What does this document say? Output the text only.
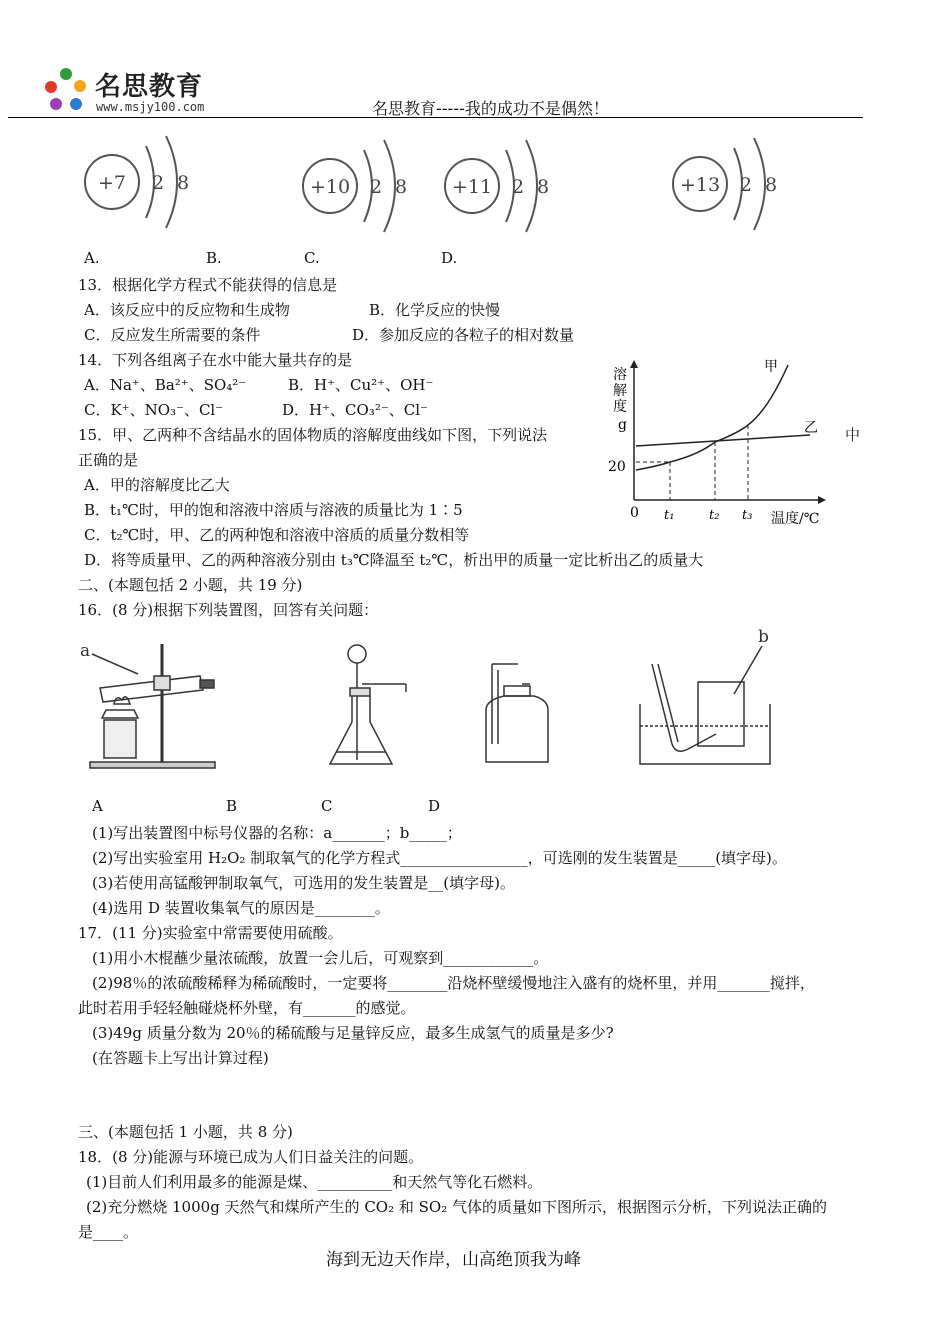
名思教育
www.msjy100.com	名思教育-----我的成功不是偶然！
+7 2 8	+10 2 8 +11 2 8	+13 2 8
A.	B.	C.	D.
13．根据化学方程式不能获得的信息是
A．该反应中的反应物和生成物	B．化学反应的快慢
C．反应发生所需要的条件	D．参加反应的各粒子的相对数量
14．下列各组离子在水中能大量共存的是
A．Na⁺、Ba²⁺、SO₄²⁻	B．H⁺、Cu²⁺、OH⁻
C．K⁺、NO₃⁻、Cl⁻	D．H⁺、CO₃²⁻、Cl⁻
15．甲、乙两种不含结晶水的固体物质的溶解度曲线如下图，下列说法	中
正确的是
A．甲的溶解度比乙大
B．t₁℃时，甲的饱和溶液中溶质与溶液的质量比为 1∶5
C．t₂℃时，甲、乙的两种饱和溶液中溶质的质量分数相等
D．将等质量甲、乙的两种溶液分别由 t₃℃降温至 t₂℃，析出甲的质量一定比析出乙的质量大
溶
解
度
g
20
0
甲
乙
t₁	t₂ t₃ 温度/℃
二、(本题包括 2 小题，共 19 分)
16．(8 分)根据下列装置图，回答有关问题：
a
b
A	B	C	D
(1)写出装置图中标号仪器的名称：a_______；b_____；
(2)写出实验室用 H₂O₂ 制取氧气的化学方程式_________________，可选刚的发生装置是_____(填字母)。
(3)若使用高锰酸钾制取氧气，可选用的发生装置是__(填字母)。
(4)选用 D 装置收集氧气的原因是________。
17．(11 分)实验室中常需要使用硫酸。
(1)用小木棍蘸少量浓硫酸，放置一会儿后，可观察到____________。
(2)98％的浓硫酸稀释为稀硫酸时，一定要将________沿烧杯壁缓慢地注入盛有的烧杯里，并用_______搅拌，
此时若用手轻轻触碰烧杯外壁，有_______的感觉。
(3)49g 质量分数为 20％的稀硫酸与足量锌反应，最多生成氢气的质量是多少?
(在答题卡上写出计算过程)
三、(本题包括 1 小题，共 8 分)
18．(8 分)能源与环境已成为人们日益关注的问题。
(1)目前人们利用最多的能源是煤、__________和天然气等化石燃料。
(2)充分燃烧 1000g 天然气和煤所产生的 CO₂ 和 SO₂ 气体的质量如下图所示，根据图示分析，下列说法正确的
是____。
海到无边天作岸，山高绝顶我为峰
